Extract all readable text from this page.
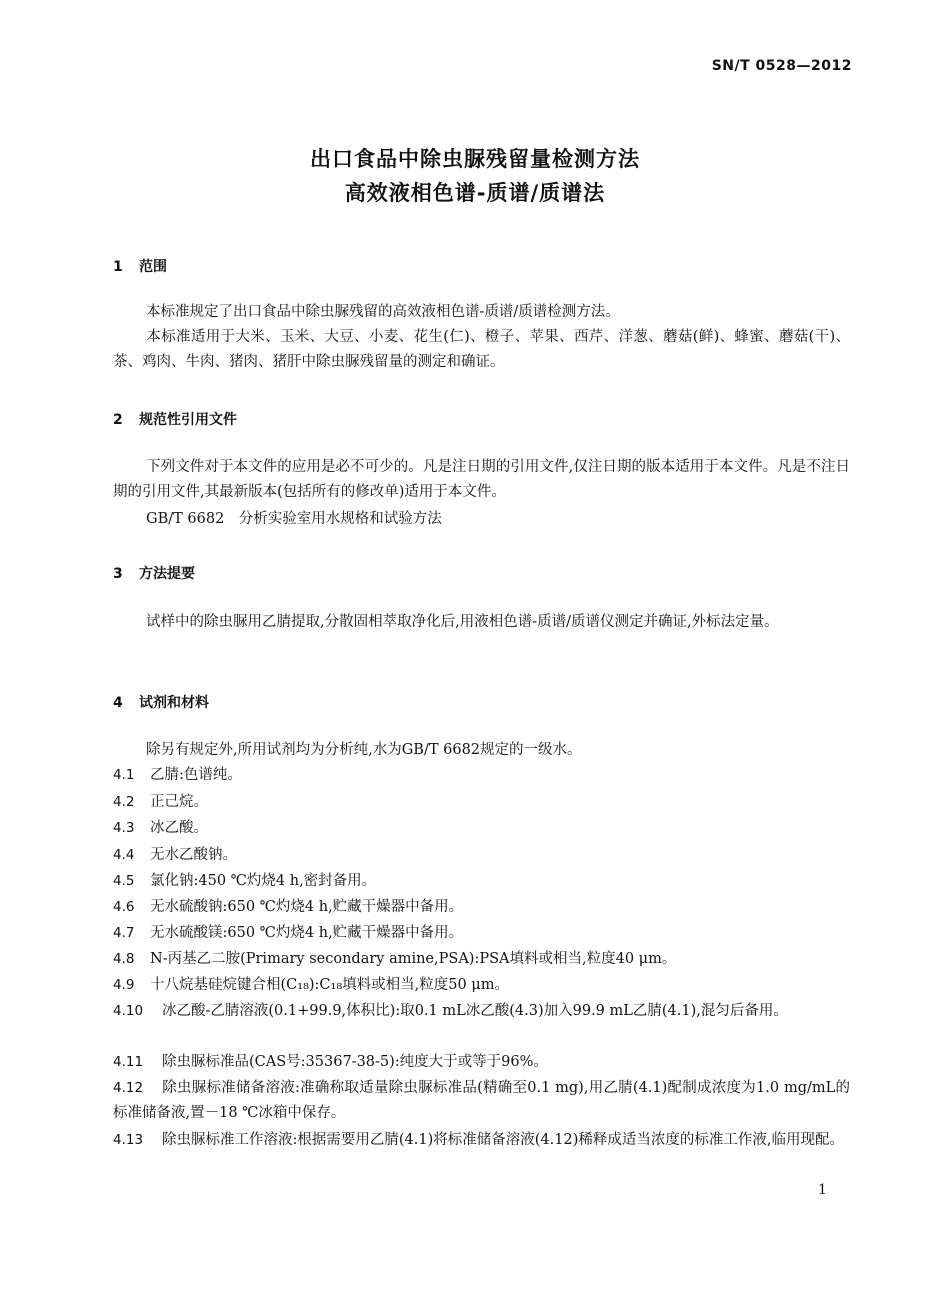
SN/T 0528—2012
出口食品中除虫脲残留量检测方法
高效液相色谱-质谱/质谱法
1 范围
本标准规定了出口食品中除虫脲残留的高效液相色谱-质谱/质谱检测方法。
本标准适用于大米、玉米、大豆、小麦、花生(仁)、橙子、苹果、西芹、洋葱、蘑菇(鲜)、蜂蜜、蘑菇(干)、茶、鸡肉、牛肉、猪肉、猪肝中除虫脲残留量的测定和确证。
2 规范性引用文件
下列文件对于本文件的应用是必不可少的。凡是注日期的引用文件,仅注日期的版本适用于本文件。凡是不注日期的引用文件,其最新版本(包括所有的修改单)适用于本文件。
GB/T 6682　分析实验室用水规格和试验方法
3 方法提要
试样中的除虫脲用乙腈提取,分散固相萃取净化后,用液相色谱-质谱/质谱仪测定并确证,外标法定量。
4 试剂和材料
除另有规定外,所用试剂均为分析纯,水为GB/T 6682规定的一级水。
4.1 乙腈:色谱纯。
4.2 正己烷。
4.3 冰乙酸。
4.4 无水乙酸钠。
4.5 氯化钠:450 ℃灼烧4 h,密封备用。
4.6 无水硫酸钠:650 ℃灼烧4 h,贮藏干燥器中备用。
4.7 无水硫酸镁:650 ℃灼烧4 h,贮藏干燥器中备用。
4.8 N-丙基乙二胺(Primary secondary amine,PSA):PSA填料或相当,粒度40 μm。
4.9 十八烷基硅烷键合相(C₁₈):C₁₈填料或相当,粒度50 μm。
4.10 冰乙酸-乙腈溶液(0.1+99.9,体积比):取0.1 mL冰乙酸(4.3)加入99.9 mL乙腈(4.1),混匀后备用。
4.11 除虫脲标准品(CAS号:35367-38-5):纯度大于或等于96%。
4.12 除虫脲标准储备溶液:准确称取适量除虫脲标准品(精确至0.1 mg),用乙腈(4.1)配制成浓度为1.0 mg/mL的标准储备液,置－18 ℃冰箱中保存。
4.13 除虫脲标准工作溶液:根据需要用乙腈(4.1)将标准储备溶液(4.12)稀释成适当浓度的标准工作液,临用现配。
1
